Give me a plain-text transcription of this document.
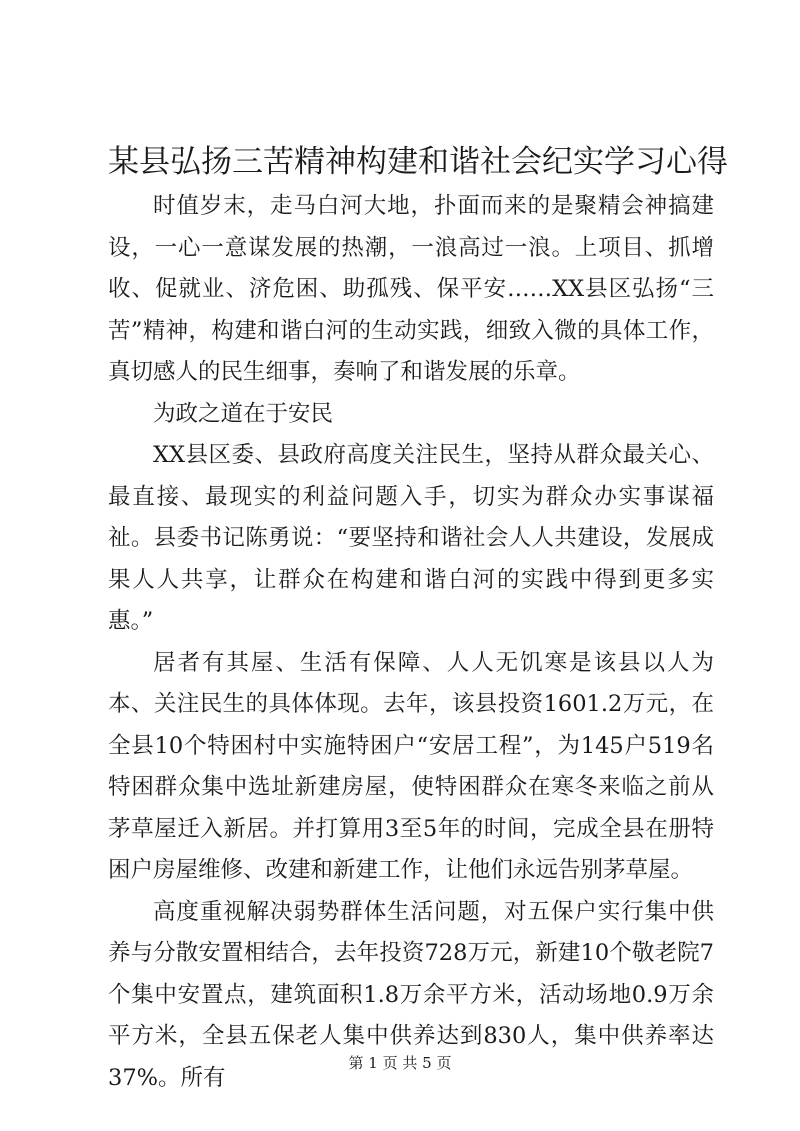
某县弘扬三苦精神构建和谐社会纪实学习心得

时值岁末，走马白河大地，扑面而来的是聚精会神搞建设，一心一意谋发展的热潮，一浪高过一浪。上项目、抓增收、促就业、济危困、助孤残、保平安……XX县区弘扬“三苦”精神，构建和谐白河的生动实践，细致入微的具体工作，真切感人的民生细事，奏响了和谐发展的乐章。

为政之道在于安民

XX县区委、县政府高度关注民生，坚持从群众最关心、最直接、最现实的利益问题入手，切实为群众办实事谋福祉。县委书记陈勇说：“要坚持和谐社会人人共建设，发展成果人人共享，让群众在构建和谐白河的实践中得到更多实惠。”

居者有其屋、生活有保障、人人无饥寒是该县以人为本、关注民生的具体体现。去年，该县投资1601.2万元，在全县10个特困村中实施特困户“安居工程”，为145户519名特困群众集中选址新建房屋，使特困群众在寒冬来临之前从茅草屋迁入新居。并打算用3至5年的时间，完成全县在册特困户房屋维修、改建和新建工作，让他们永远告别茅草屋。

高度重视解决弱势群体生活问题，对五保户实行集中供养与分散安置相结合，去年投资728万元，新建10个敬老院7个集中安置点，建筑面积1.8万余平方米，活动场地0.9万余平方米，全县五保老人集中供养达到830人，集中供养率达37%。所有

第 1 页 共 5 页
